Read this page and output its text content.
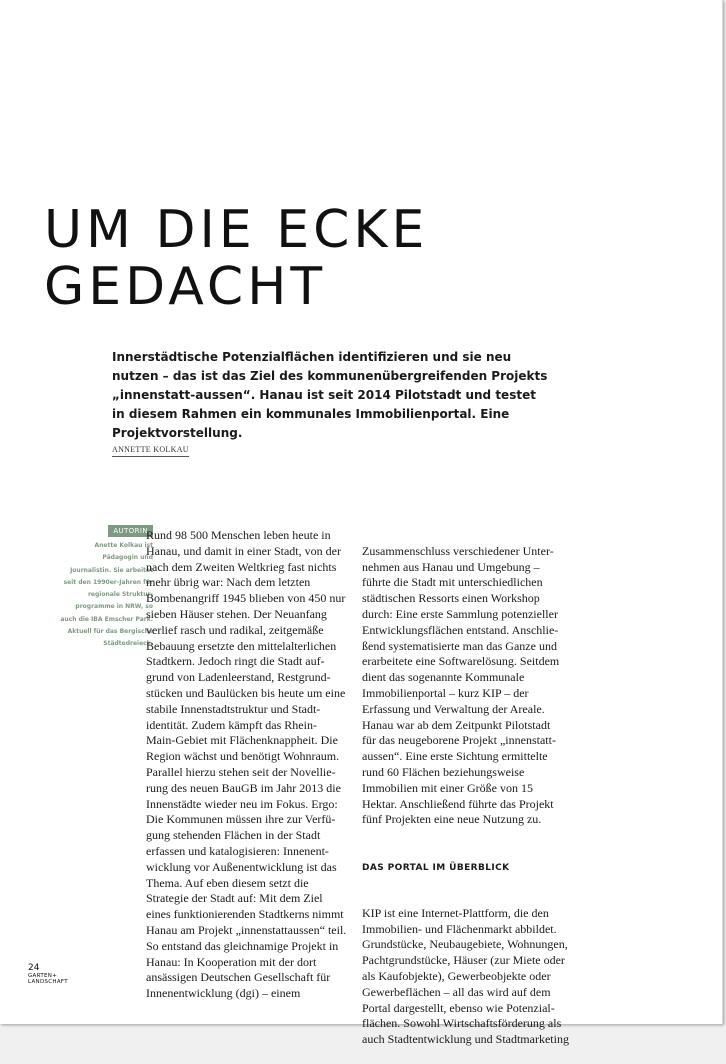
UM DIE ECKE
GEDACHT

Innerstädtische Potenzialflächen identifizieren und sie neu nutzen – das ist das Ziel des kommunenübergreifenden Projekts „innenstatt-aussen“. Hanau ist seit 2014 Pilotstadt und testet in diesem Rahmen ein kommunales Immobilienportal. Eine Projektvorstellung.

ANNETTE KOLKAU
AUTORIN

Anette Kolkau ist Pädagogin und Journalistin. Sie arbeitet seit den 1990er-Jahren für regionale Struktur-programme in NRW, so auch die IBA Emscher Park. Aktuell für das Bergische Städtedreieck.

Rund 98 500 Menschen leben heute in
Hanau, und damit in einer Stadt, von der
nach dem Zweiten Weltkrieg fast nichts
mehr übrig war: Nach dem letzten
Bombenangriff 1945 blieben von 450 nur
sieben Häuser stehen. Der Neuanfang
verlief rasch und radikal, zeitgemäße
Bebauung ersetzte den mittelalterlichen
Stadtkern. Jedoch ringt die Stadt auf-
grund von Ladenleerstand, Restgrund-
stücken und Baulücken bis heute um eine
stabile Innenstadtstruktur und Stadt-
identität. Zudem kämpft das Rhein-
Main-Gebiet mit Flächenknappheit. Die
Region wächst und benötigt Wohnraum.
Parallel hierzu stehen seit der Novellie-
rung des neuen BauGB im Jahr 2013 die
Innenstädte wieder neu im Fokus. Ergo:
Die Kommunen müssen ihre zur Verfü-
gung stehenden Flächen in der Stadt
erfassen und katalogisieren: Innenent-
wicklung vor Außenentwicklung ist das
Thema. Auf eben diesem setzt die
Strategie der Stadt auf: Mit dem Ziel
eines funktionierenden Stadtkerns nimmt
Hanau am Projekt „innenstattaussen“ teil.
So entstand das gleichnamige Projekt in
Hanau: In Kooperation mit der dort
ansässigen Deutschen Gesellschaft für
Innenentwicklung (dgi) – einem

Zusammenschluss verschiedener Unter-
nehmen aus Hanau und Umgebung –
führte die Stadt mit unterschiedlichen
städtischen Ressorts einen Workshop
durch: Eine erste Sammlung potenzieller
Entwicklungsflächen entstand. Anschlie-
ßend systematisierte man das Ganze und
erarbeitete eine Softwarelösung. Seitdem
dient das sogenannte Kommunale
Immobilienportal – kurz KIP – der
Erfassung und Verwaltung der Areale.
Hanau war ab dem Zeitpunkt Pilotstadt
für das neugeborene Projekt „innenstatt-
aussen“. Eine erste Sichtung ermittelte
rund 60 Flächen beziehungsweise
Immobilien mit einer Größe von 15
Hektar. Anschließend führte das Projekt
fünf Projekten eine neue Nutzung zu.

DAS PORTAL IM ÜBERBLICK

KIP ist eine Internet-Plattform, die den
Immobilien- und Flächenmarkt abbildet.
Grundstücke, Neubaugebiete, Wohnungen,
Pachtgrundstücke, Häuser (zur Miete oder
als Kaufobjekte), Gewerbeobjekte oder
Gewerbeflächen – all das wird auf dem
Portal dargestellt, ebenso wie Potenzial-
flächen. Sowohl Wirtschaftsförderung als
auch Stadtentwicklung und Stadtmarketing

24
GARTEN+
LANDSCHAFT
